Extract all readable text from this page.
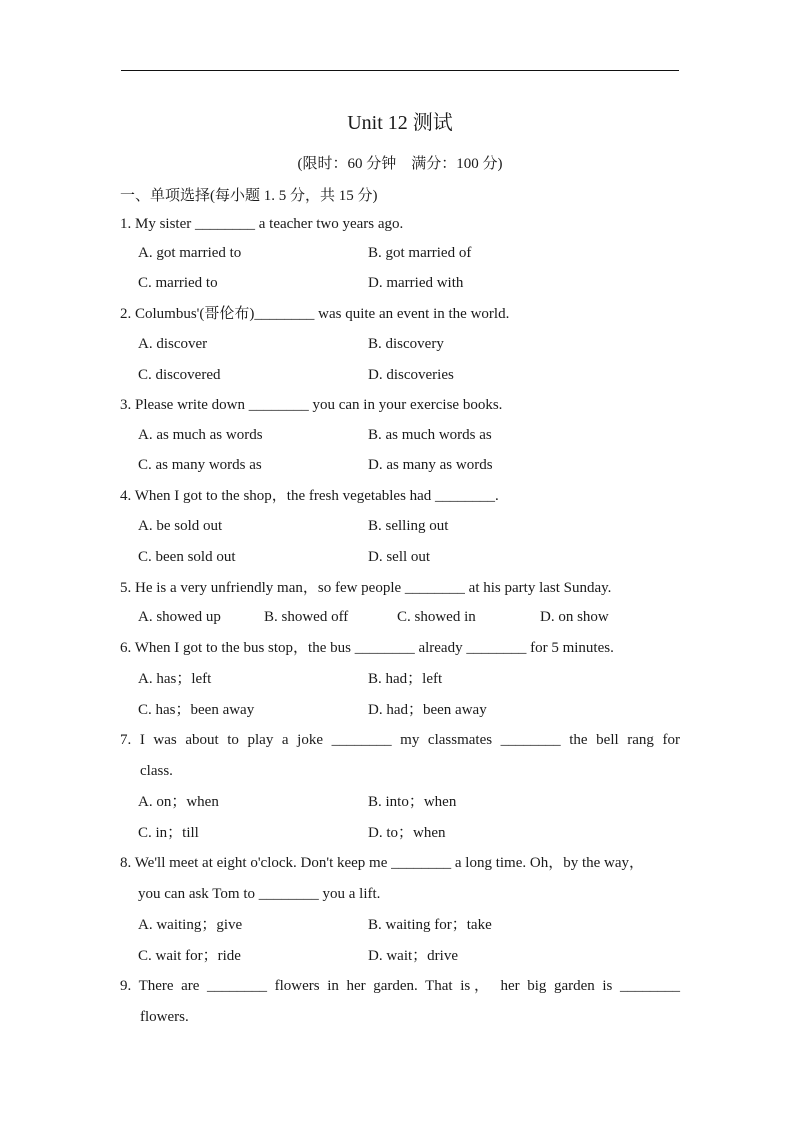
Unit 12 测试
(限时：60 分钟　满分：100 分)
一、单项选择(每小题 1. 5 分，共 15 分)
1. My sister ________ a teacher two years ago.
A. got married to	B. got married of
C. married to	D. married with
2. Columbus'(哥伦布)________ was quite an event in the world.
A. discover	B. discovery
C. discovered	D. discoveries
3. Please write down ________ you can in your exercise books.
A. as much as words	B. as much words as
C. as many words as	D. as many as words
4. When I got to the shop，the fresh vegetables had ________.
A. be sold out	B. selling out
C. been sold out	D. sell out
5. He is a very unfriendly man，so few people ________ at his party last Sunday.
A. showed up	B. showed off	C. showed in	D. on show
6. When I got to the bus stop，the bus ________ already ________ for 5 minutes.
A. has；left	B. had；left
C. has；been away	D. had；been away
7. I was about to play a joke ________ my classmates ________ the bell rang for
class.
A. on；when	B. into；when
C. in；till	D. to；when
8. We'll meet at eight o'clock. Don't keep me ________ a long time. Oh，by the way，
you can ask Tom to ________ you a lift.
A. waiting；give	B. waiting for；take
C. wait for；ride	D. wait；drive
9. There are ________ flowers in her garden. That is， her big garden is ________
flowers.
